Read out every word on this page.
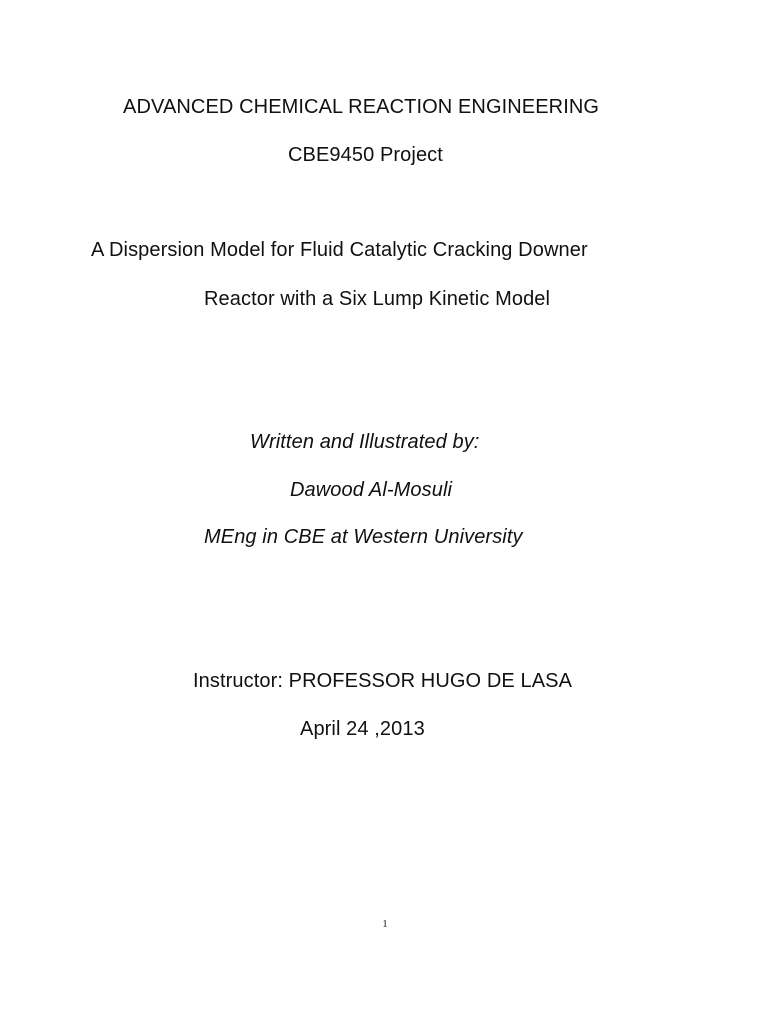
ADVANCED CHEMICAL REACTION ENGINEERING
CBE9450 Project
A Dispersion Model for Fluid Catalytic Cracking Downer
Reactor with a Six Lump Kinetic Model
Written and Illustrated by:
Dawood Al-Mosuli
MEng in CBE at Western University
Instructor: PROFESSOR HUGO DE LASA
April 24 ,2013
1
